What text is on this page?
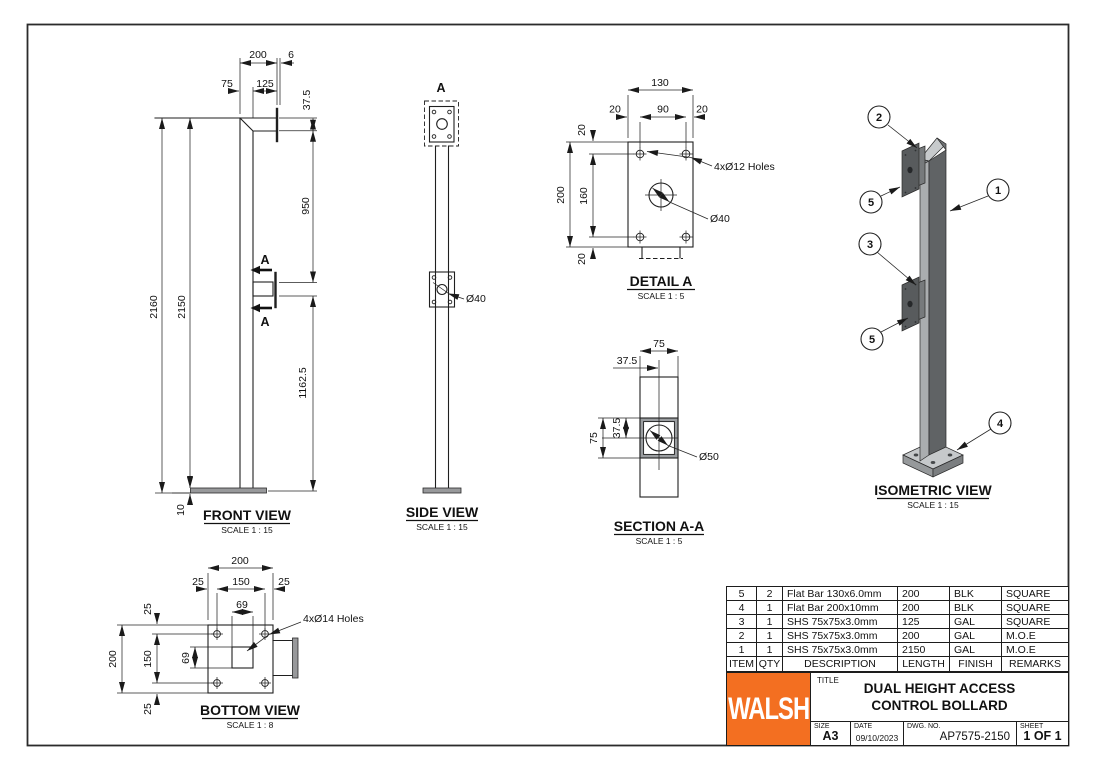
A
A
200 6
75 125
37.5
950
1162.5
2160 2150
10 FRONT VIEW
SCALE 1 : 15
A
Ø40
SIDE VIEW
SCALE 1 : 15
Ø40
130
90
20	20
200 160
20
20
4xØ12 Holes
DETAIL A
SCALE 1 : 5
Ø50
75
37.5
37.5
75
SECTION A-A
SCALE 1 : 5
200
150
25	25
69
200 150 69
25
25
4xØ14 Holes
BOTTOM VIEW
SCALE 1 : 8
2
5
1
3
5
4
ISOMETRIC VIEW
SCALE 1 : 15
5	2	Flat Bar 130x6.0mm	200	BLK	SQUARE
4	1	Flat Bar 200x10mm	200	BLK	SQUARE
3	1	SHS 75x75x3.0mm	125	GAL	SQUARE
2	1	SHS 75x75x3.0mm	200	GAL	M.O.E
1	1	SHS 75x75x3.0mm	2150	GAL	M.O.E
ITEM QTY	DESCRIPTION	LENGTH	FINISH	REMARKS
WALSH
TITLE
DUAL HEIGHT ACCESS
CONTROL BOLLARD
SIZE
A3
DATE
09/10/2023
DWG. NO.
AP7575-2150
SHEET
1 OF 1
